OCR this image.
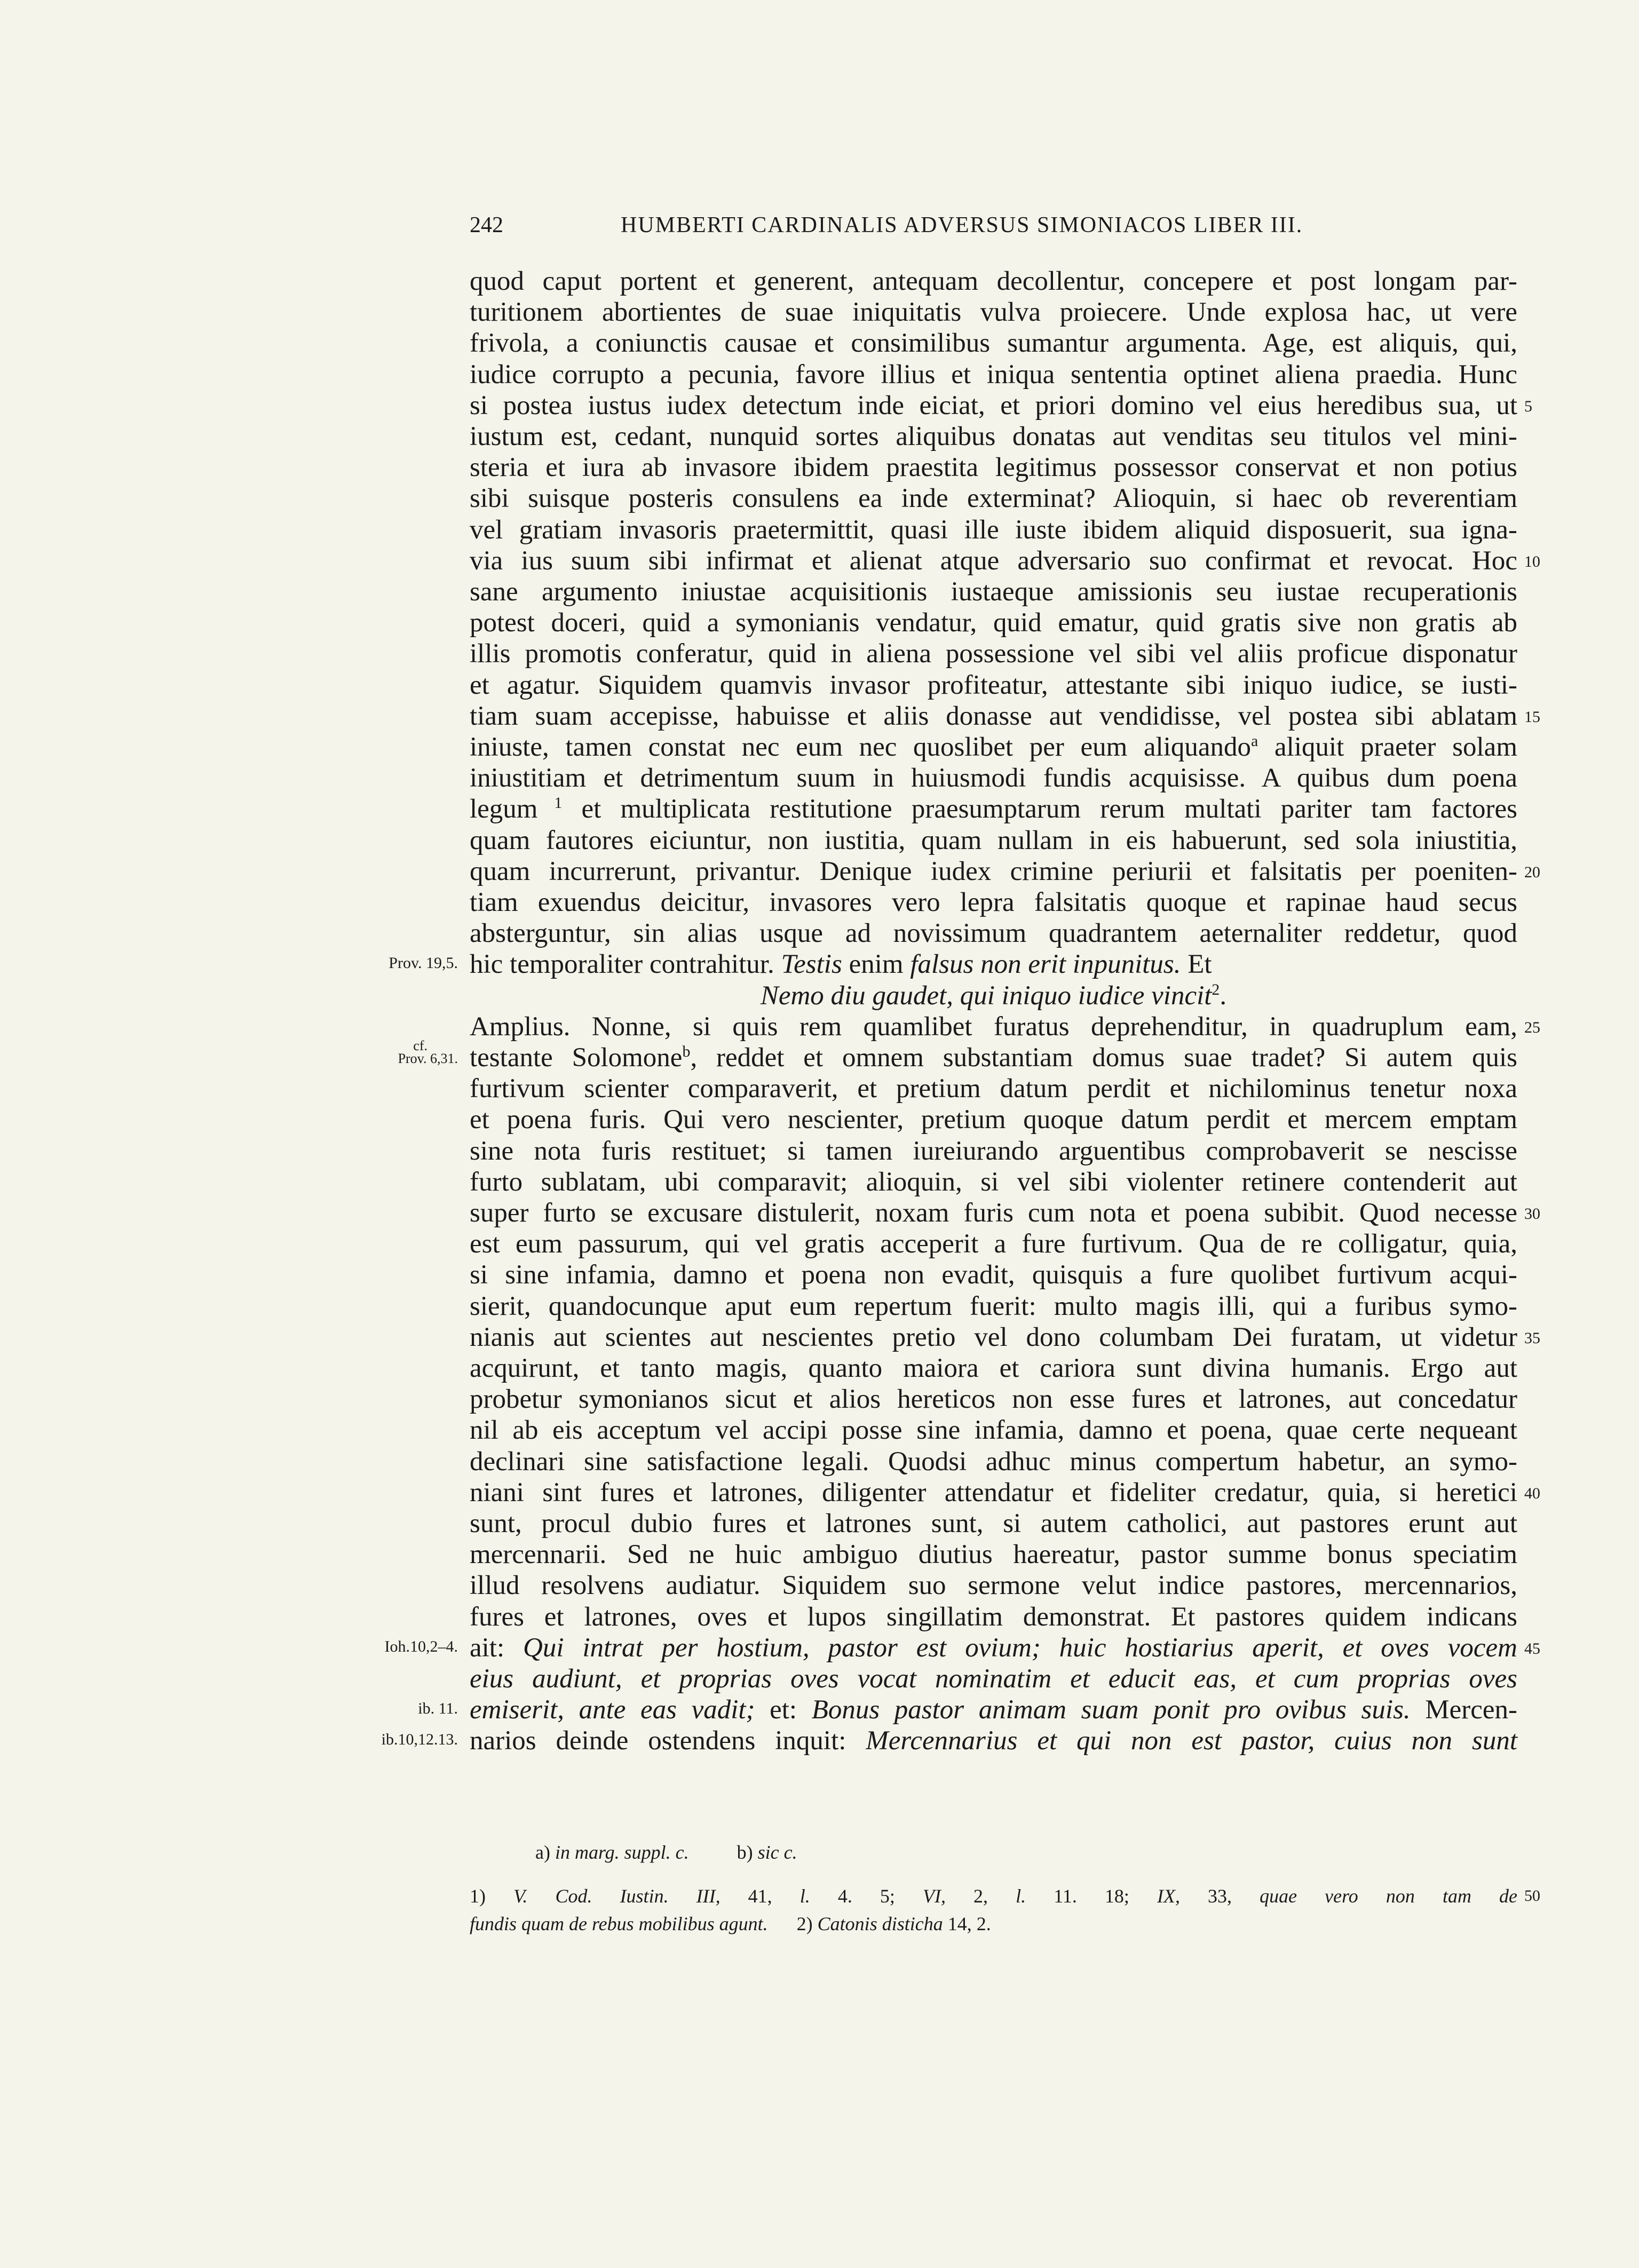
242	HUMBERTI CARDINALIS ADVERSUS SIMONIACOS LIBER III.
quod caput portent et generent, antequam decollentur, concepere et post longam par-
turitionem abortientes de suae iniquitatis vulva proiecere. Unde explosa hac, ut vere
frivola, a coniunctis causae et consimilibus sumantur argumenta. Age, est aliquis, qui,
iudice corrupto a pecunia, favore illius et iniqua sententia optinet aliena praedia. Hunc
si postea iustus iudex detectum inde eiciat, et priori domino vel eius heredibus sua, ut 5
iustum est, cedant, nunquid sortes aliquibus donatas aut venditas seu titulos vel mini-
steria et iura ab invasore ibidem praestita legitimus possessor conservat et non potius
sibi suisque posteris consulens ea inde exterminat? Alioquin, si haec ob reverentiam
vel gratiam invasoris praetermittit, quasi ille iuste ibidem aliquid disposuerit, sua igna-
via ius suum sibi infirmat et alienat atque adversario suo confirmat et revocat. Hoc 10
sane argumento iniustae acquisitionis iustaeque amissionis seu iustae recuperationis
potest doceri, quid a symonianis vendatur, quid ematur, quid gratis sive non gratis ab
illis promotis conferatur, quid in aliena possessione vel sibi vel aliis proficue disponatur
et agatur. Siquidem quamvis invasor profiteatur, attestante sibi iniquo iudice, se iusti-
tiam suam accepisse, habuisse et aliis donasse aut vendidisse, vel postea sibi ablatam 15
iniuste, tamen constat nec eum nec quoslibet per eum aliquando$^a$ aliquit praeter solam
iniustitiam et detrimentum suum in huiusmodi fundis acquisisse. A quibus dum poena
legum $^1$ et multiplicata restitutione praesumptarum rerum multati pariter tam factores
quam fautores eiciuntur, non iustitia, quam nullam in eis habuerunt, sed sola iniustitia,
quam incurrerunt, privantur. Denique iudex crimine periurii et falsitatis per poeniten- 20
tiam exuendus deicitur, invasores vero lepra falsitatis quoque et rapinae haud secus
absterguntur, sin alias usque ad novissimum quadrantem aeternaliter reddetur, quod
hic temporaliter contrahitur. Testis enim falsus non erit inpunitus. Et
Prov. 19,5.
Nemo diu gaudet, qui iniquo iudice vincit$^2$.
Amplius. Nonne, si quis rem quamlibet furatus deprehenditur, in quadruplum eam, 25
testante Solomone$^b$, reddet et omnem substantiam domus suae tradet? Si autem quis
cf.
Prov. 6,31.
furtivum scienter comparaverit, et pretium datum perdit et nichilominus tenetur noxa
et poena furis. Qui vero nescienter, pretium quoque datum perdit et mercem emptam
sine nota furis restituet; si tamen iureiurando arguentibus comprobaverit se nescisse
furto sublatam, ubi comparavit; alioquin, si vel sibi violenter retinere contenderit aut
super furto se excusare distulerit, noxam furis cum nota et poena subibit. Quod necesse 30
est eum passurum, qui vel gratis acceperit a fure furtivum. Qua de re colligatur, quia,
si sine infamia, damno et poena non evadit, quisquis a fure quolibet furtivum acqui-
sierit, quandocunque aput eum repertum fuerit: multo magis illi, qui a furibus symo-
nianis aut scientes aut nescientes pretio vel dono columbam Dei furatam, ut videtur 35
acquirunt, et tanto magis, quanto maiora et cariora sunt divina humanis. Ergo aut
probetur symonianos sicut et alios hereticos non esse fures et latrones, aut concedatur
nil ab eis acceptum vel accipi posse sine infamia, damno et poena, quae certe nequeant
declinari sine satisfactione legali. Quodsi adhuc minus compertum habetur, an symo-
niani sint fures et latrones, diligenter attendatur et fideliter credatur, quia, si heretici 40
sunt, procul dubio fures et latrones sunt, si autem catholici, aut pastores erunt aut
mercennarii. Sed ne huic ambiguo diutius haereatur, pastor summe bonus speciatim
illud resolvens audiatur. Siquidem suo sermone velut indice pastores, mercennarios,
fures et latrones, oves et lupos singillatim demonstrat. Et pastores quidem indicans
ait: Qui intrat per hostium, pastor est ovium; huic hostiarius aperit, et oves vocem 45
Ioh.10,2–4.
eius audiunt, et proprias oves vocat nominatim et educit eas, et cum proprias oves
emiserit, ante eas vadit; et: Bonus pastor animam suam ponit pro ovibus suis. Mercen-
ib. 11.
narios deinde ostendens inquit: Mercennarius et qui non est pastor, cuius non sunt
ib.10,12.13.
a) in marg. suppl. c.	b) sic c.
1) V. Cod. Iustin. III, 41, l. 4. 5; VI, 2, l. 11. 18; IX, 33, quae vero non tam de 50
fundis quam de rebus mobilibus agunt.      2) Catonis disticha 14, 2.
